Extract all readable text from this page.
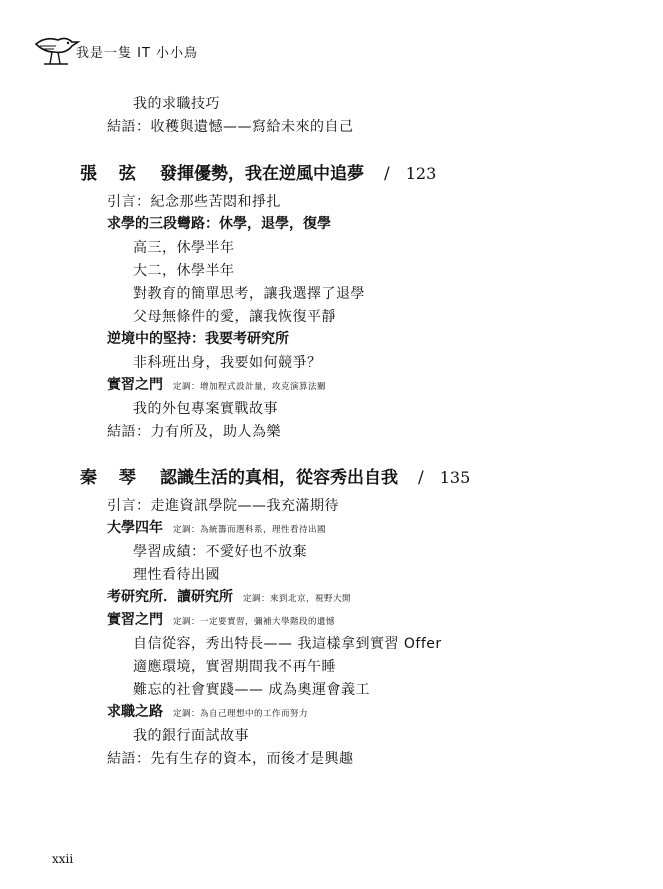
我是一隻 IT 小小鳥
我的求職技巧
結語：收穫與遺憾——寫給未來的自己
張 弦 發揮優勢，我在逆風中追夢 / 123
引言：紀念那些苦悶和掙扎
求學的三段彎路：休學，退學，復學
高三，休學半年
大二，休學半年
對教育的簡單思考，讓我選擇了退學
父母無條件的愛，讓我恢復平靜
逆境中的堅持：我要考研究所
非科班出身，我要如何競爭？
實習之門 定調：增加程式設計量，攻克演算法關
我的外包專案實戰故事
結語：力有所及，助人為樂
秦 琴 認識生活的真相，從容秀出自我 / 135
引言：走進資訊學院——我充滿期待
大學四年 定調：為統籌而選科系，理性看待出國
學習成績：不愛好也不放棄
理性看待出國
考研究所．讀研究所 定調：來到北京，視野大開
實習之門 定調：一定要實習，彌補大學階段的遺憾
自信從容，秀出特長—— 我這樣拿到實習 Offer
適應環境，實習期間我不再午睡
難忘的社會實踐—— 成為奧運會義工
求職之路 定調：為自己理想中的工作而努力
我的銀行面試故事
結語：先有生存的資本，而後才是興趣
xxii
